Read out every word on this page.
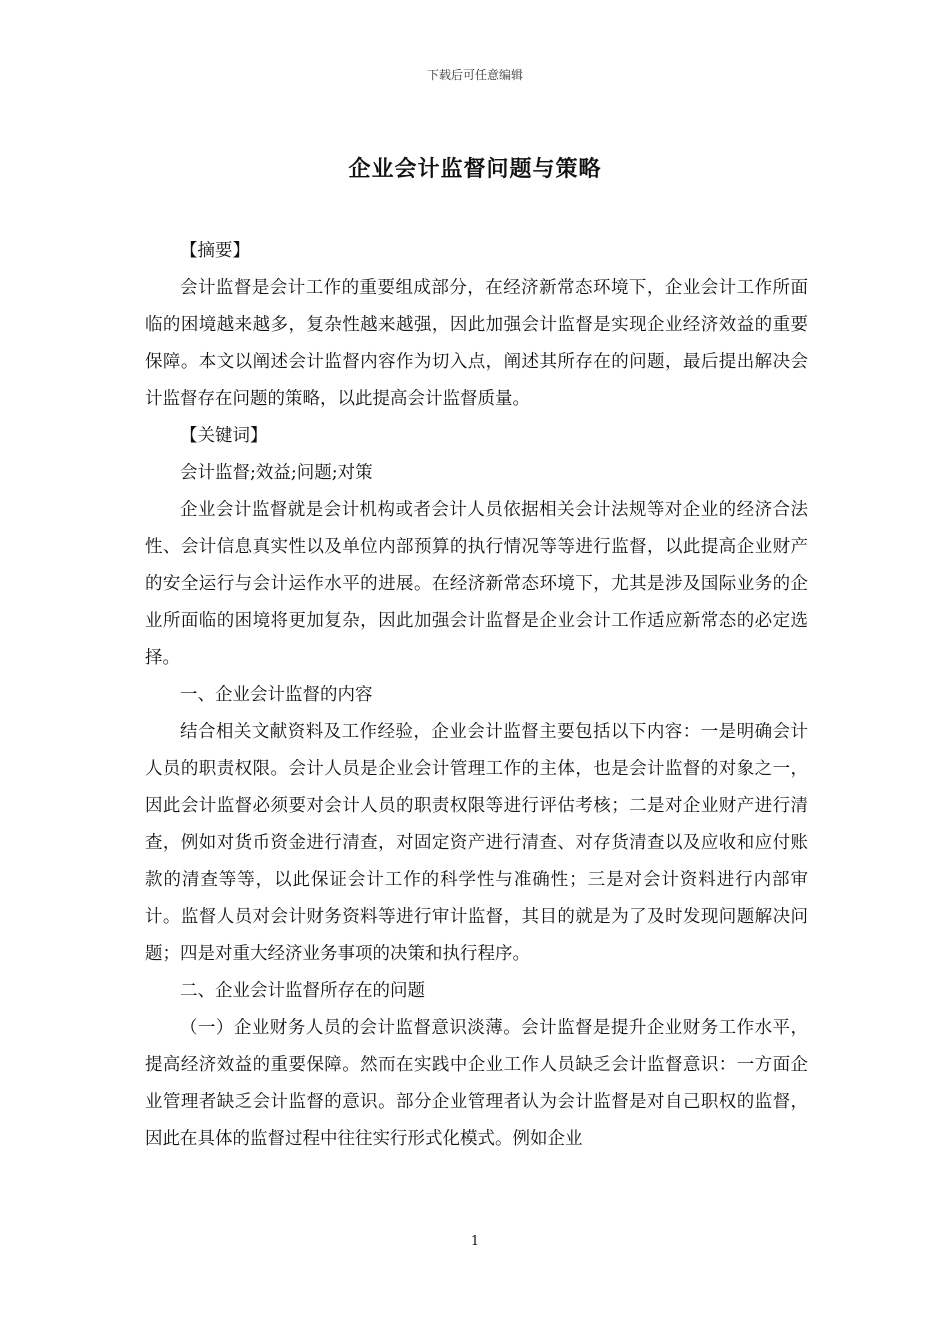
下载后可任意编辑
企业会计监督问题与策略

【摘要】

会计监督是会计工作的重要组成部分，在经济新常态环境下，企业会计工作所面临的困境越来越多，复杂性越来越强，因此加强会计监督是实现企业经济效益的重要保障。本文以阐述会计监督内容作为切入点，阐述其所存在的问题，最后提出解决会计监督存在问题的策略，以此提高会计监督质量。

【关键词】

会计监督;效益;问题;对策

企业会计监督就是会计机构或者会计人员依据相关会计法规等对企业的经济合法性、会计信息真实性以及单位内部预算的执行情况等等进行监督，以此提高企业财产的安全运行与会计运作水平的进展。在经济新常态环境下，尤其是涉及国际业务的企业所面临的困境将更加复杂，因此加强会计监督是企业会计工作适应新常态的必定选择。

一、企业会计监督的内容

结合相关文献资料及工作经验，企业会计监督主要包括以下内容：一是明确会计人员的职责权限。会计人员是企业会计管理工作的主体，也是会计监督的对象之一，因此会计监督必须要对会计人员的职责权限等进行评估考核；二是对企业财产进行清查，例如对货币资金进行清查，对固定资产进行清查、对存货清查以及应收和应付账款的清查等等，以此保证会计工作的科学性与准确性；三是对会计资料进行内部审计。监督人员对会计财务资料等进行审计监督，其目的就是为了及时发现问题解决问题；四是对重大经济业务事项的决策和执行程序。

二、企业会计监督所存在的问题

（一）企业财务人员的会计监督意识淡薄。会计监督是提升企业财务工作水平，提高经济效益的重要保障。然而在实践中企业工作人员缺乏会计监督意识：一方面企业管理者缺乏会计监督的意识。部分企业管理者认为会计监督是对自己职权的监督，因此在具体的监督过程中往往实行形式化模式。例如企业

1
